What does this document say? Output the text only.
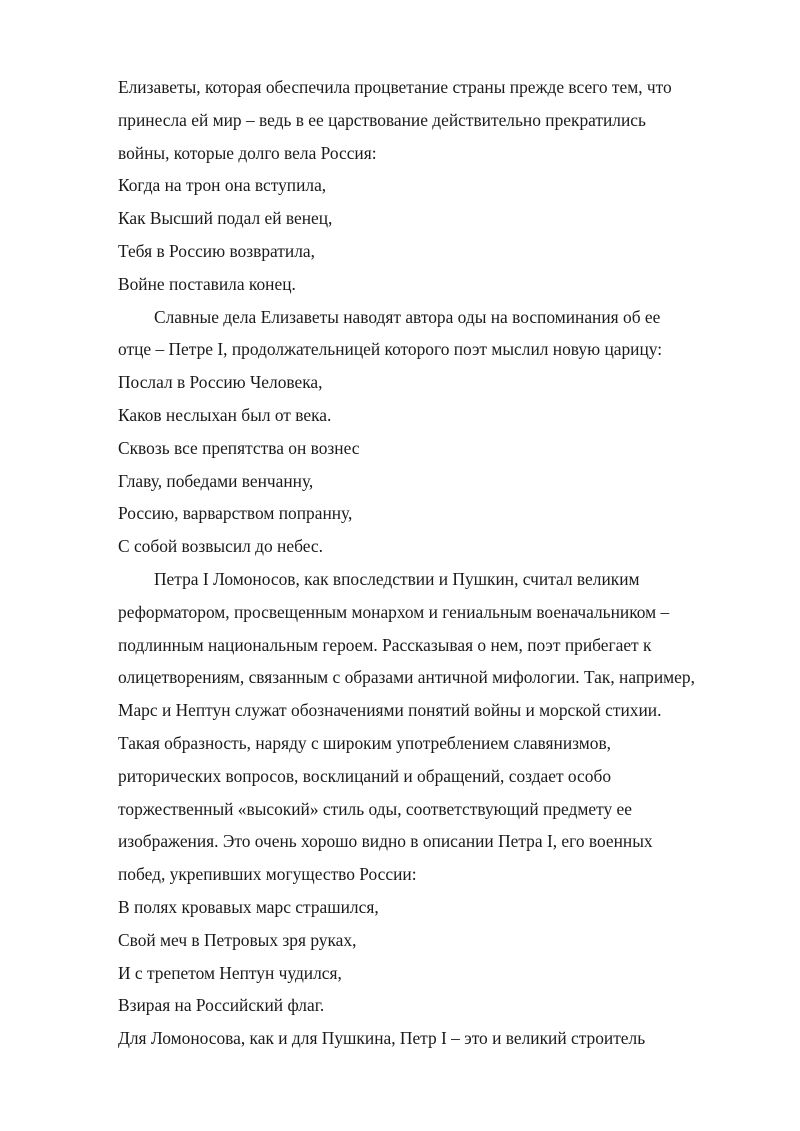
Елизаветы, которая обеспечила процветание страны прежде всего тем, что
принесла ей мир – ведь в ее царствование действительно прекратились
войны, которые долго вела Россия:
Когда на трон она вступила,
Как Высший подал ей венец,
Тебя в Россию возвратила,
Войне поставила конец.
Славные дела Елизаветы наводят автора оды на воспоминания об ее
отце – Петре I, продолжательницей которого поэт мыслил новую царицу:
Послал в Россию Человека,
Каков неслыхан был от века.
Сквозь все препятства он вознес
Главу, победами венчанну,
Россию, варварством попранну,
С собой возвысил до небес.
Петра I Ломоносов, как впоследствии и Пушкин, считал великим
реформатором, просвещенным монархом и гениальным военачальником –
подлинным национальным героем. Рассказывая о нем, поэт прибегает к
олицетворениям, связанным с образами античной мифологии. Так, например,
Марс и Нептун служат обозначениями понятий войны и морской стихии.
Такая образность, наряду с широким употреблением славянизмов,
риторических вопросов, восклицаний и обращений, создает особо
торжественный «высокий» стиль оды, соответствующий предмету ее
изображения. Это очень хорошо видно в описании Петра I, его военных
побед, укрепивших могущество России:
В полях кровавых марс страшился,
Свой меч в Петровых зря руках,
И с трепетом Нептун чудился,
Взирая на Российский флаг.
Для Ломоносова, как и для Пушкина, Петр I – это и великий строитель
